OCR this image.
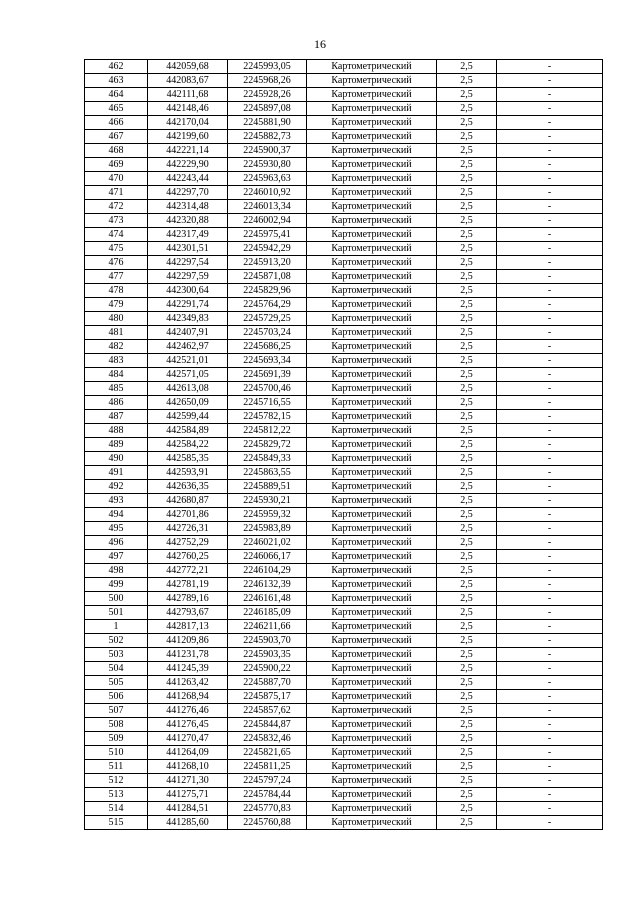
16
462	442059,68	2245993,05	Картометрический	2,5	-
463	442083,67	2245968,26	Картометрический	2,5	-
464	442111,68	2245928,26	Картометрический	2,5	-
465	442148,46	2245897,08	Картометрический	2,5	-
466	442170,04	2245881,90	Картометрический	2,5	-
467	442199,60	2245882,73	Картометрический	2,5	-
468	442221,14	2245900,37	Картометрический	2,5	-
469	442229,90	2245930,80	Картометрический	2,5	-
470	442243,44	2245963,63	Картометрический	2,5	-
471	442297,70	2246010,92	Картометрический	2,5	-
472	442314,48	2246013,34	Картометрический	2,5	-
473	442320,88	2246002,94	Картометрический	2,5	-
474	442317,49	2245975,41	Картометрический	2,5	-
475	442301,51	2245942,29	Картометрический	2,5	-
476	442297,54	2245913,20	Картометрический	2,5	-
477	442297,59	2245871,08	Картометрический	2,5	-
478	442300,64	2245829,96	Картометрический	2,5	-
479	442291,74	2245764,29	Картометрический	2,5	-
480	442349,83	2245729,25	Картометрический	2,5	-
481	442407,91	2245703,24	Картометрический	2,5	-
482	442462,97	2245686,25	Картометрический	2,5	-
483	442521,01	2245693,34	Картометрический	2,5	-
484	442571,05	2245691,39	Картометрический	2,5	-
485	442613,08	2245700,46	Картометрический	2,5	-
486	442650,09	2245716,55	Картометрический	2,5	-
487	442599,44	2245782,15	Картометрический	2,5	-
488	442584,89	2245812,22	Картометрический	2,5	-
489	442584,22	2245829,72	Картометрический	2,5	-
490	442585,35	2245849,33	Картометрический	2,5	-
491	442593,91	2245863,55	Картометрический	2,5	-
492	442636,35	2245889,51	Картометрический	2,5	-
493	442680,87	2245930,21	Картометрический	2,5	-
494	442701,86	2245959,32	Картометрический	2,5	-
495	442726,31	2245983,89	Картометрический	2,5	-
496	442752,29	2246021,02	Картометрический	2,5	-
497	442760,25	2246066,17	Картометрический	2,5	-
498	442772,21	2246104,29	Картометрический	2,5	-
499	442781,19	2246132,39	Картометрический	2,5	-
500	442789,16	2246161,48	Картометрический	2,5	-
501	442793,67	2246185,09	Картометрический	2,5	-
1	442817,13	2246211,66	Картометрический	2,5	-
502	441209,86	2245903,70	Картометрический	2,5	-
503	441231,78	2245903,35	Картометрический	2,5	-
504	441245,39	2245900,22	Картометрический	2,5	-
505	441263,42	2245887,70	Картометрический	2,5	-
506	441268,94	2245875,17	Картометрический	2,5	-
507	441276,46	2245857,62	Картометрический	2,5	-
508	441276,45	2245844,87	Картометрический	2,5	-
509	441270,47	2245832,46	Картометрический	2,5	-
510	441264,09	2245821,65	Картометрический	2,5	-
511	441268,10	2245811,25	Картометрический	2,5	-
512	441271,30	2245797,24	Картометрический	2,5	-
513	441275,71	2245784,44	Картометрический	2,5	-
514	441284,51	2245770,83	Картометрический	2,5	-
515	441285,60	2245760,88	Картометрический	2,5	-
